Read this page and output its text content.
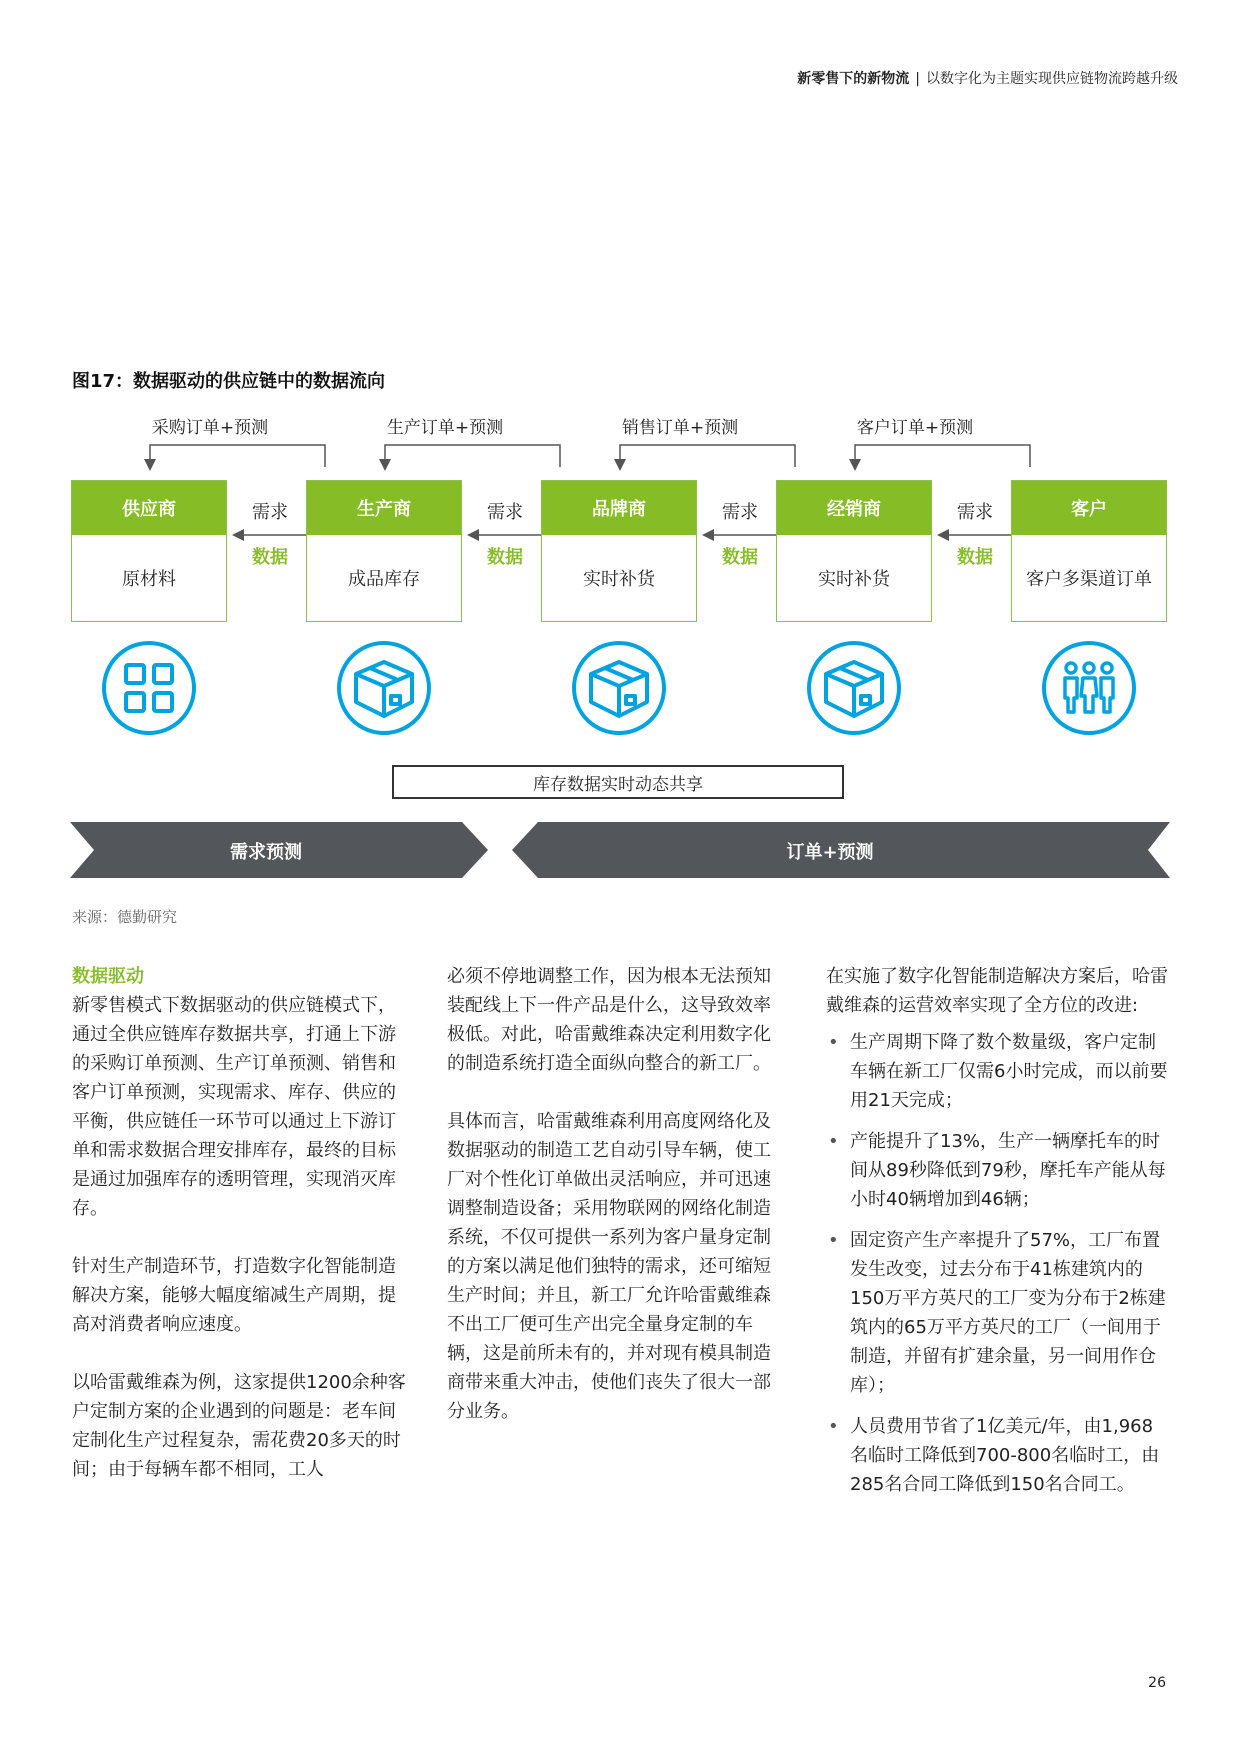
新零售下的新物流 | 以数字化为主题实现供应链物流跨越升级
图17：数据驱动的供应链中的数据流向
采购订单+预测	生产订单+预测	销售订单+预测	客户订单+预测
供应商
原材料
生产商
成品库存
品牌商
实时补货
经销商
实时补货
客户
客户多渠道订单
需求
数据
需求
数据
需求
数据
需求
数据
库存数据实时动态共享
需求预测	订单+预测
来源：德勤研究
数据驱动

新零售模式下数据驱动的供应链模式下，通过全供应链库存数据共享，打通上下游的采购订单预测、生产订单预测、销售和客户订单预测，实现需求、库存、供应的平衡，供应链任一环节可以通过上下游订单和需求数据合理安排库存，最终的目标是通过加强库存的透明管理，实现消灭库存。

针对生产制造环节，打造数字化智能制造解决方案，能够大幅度缩减生产周期，提高对消费者响应速度。

以哈雷戴维森为例，这家提供1200余种客户定制方案的企业遇到的问题是：老车间定制化生产过程复杂，需花费20多天的时间；由于每辆车都不相同，工人

必须不停地调整工作，因为根本无法预知装配线上下一件产品是什么，这导致效率极低。对此，哈雷戴维森决定利用数字化的制造系统打造全面纵向整合的新工厂。

具体而言，哈雷戴维森利用高度网络化及数据驱动的制造工艺自动引导车辆，使工厂对个性化订单做出灵活响应，并可迅速调整制造设备；采用物联网的网络化制造系统，不仅可提供一系列为客户量身定制的方案以满足他们独特的需求，还可缩短生产时间；并且，新工厂允许哈雷戴维森不出工厂便可生产出完全量身定制的车辆，这是前所未有的，并对现有模具制造商带来重大冲击，使他们丧失了很大一部分业务。

在实施了数字化智能制造解决方案后，哈雷戴维森的运营效率实现了全方位的改进:

• 生产周期下降了数个数量级，客户定制车辆在新工厂仅需6小时完成，而以前要用21天完成；
• 产能提升了13%，生产一辆摩托车的时间从89秒降低到79秒，摩托车产能从每小时40辆增加到46辆；
• 固定资产生产率提升了57%，工厂布置发生改变，过去分布于41栋建筑内的150万平方英尺的工厂变为分布于2栋建筑内的65万平方英尺的工厂（一间用于制造，并留有扩建余量，另一间用作仓库）；
• 人员费用节省了1亿美元/年，由1,968名临时工降低到700-800名临时工，由285名合同工降低到150名合同工。
26
